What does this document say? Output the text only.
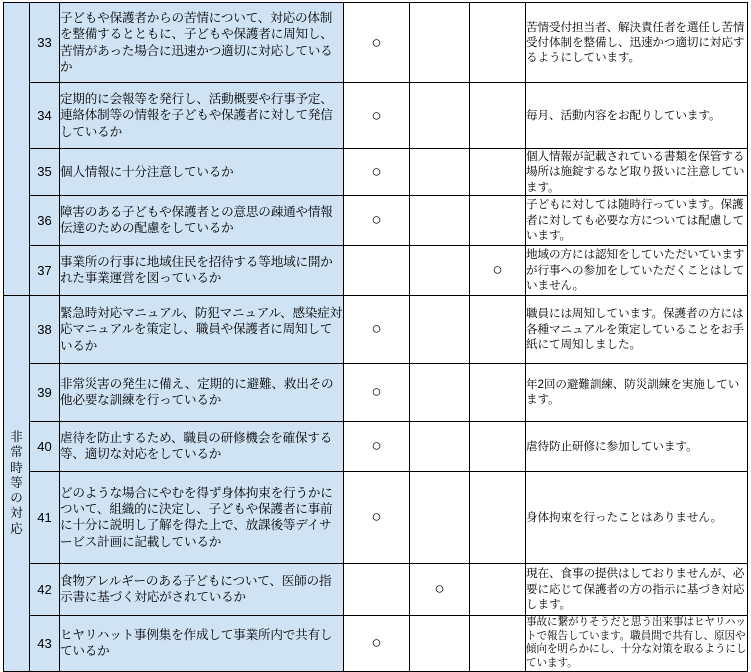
	33	子どもや保護者からの苦情について、対応の体制を整備するとともに、子どもや保護者に周知し、苦情があった場合に迅速かつ適切に対応しているか	○			苦情受付担当者、解決責任者を選任し苦情受付体制を整備し、迅速かつ適切に対応するようにしています。
	34	定期的に会報等を発行し、活動概要や行事予定、連絡体制等の情報を子どもや保護者に対して発信しているか	○			毎月、活動内容をお配りしています。
	35	個人情報に十分注意しているか	○			個人情報が記載されている書類を保管する場所は施錠するなど取り扱いに注意しています。
	36	障害のある子どもや保護者との意思の疎通や情報伝達のための配慮をしているか	○			子どもに対しては随時行っています。保護者に対しても必要な方については配慮しています。
	37	事業所の行事に地域住民を招待する等地域に開かれた事業運営を図っているか			○	地域の方には認知をしていただいていますが行事への参加をしていただくことはしていません。

非常時等の対応	38	緊急時対応マニュアル、防犯マニュアル、感染症対応マニュアルを策定し、職員や保護者に周知しているか	○			職員には周知しています。保護者の方には各種マニュアルを策定していることをお手紙にて周知しました。
	39	非常災害の発生に備え、定期的に避難、救出その他必要な訓練を行っているか	○			年2回の避難訓練、防災訓練を実施しています。
	40	虐待を防止するため、職員の研修機会を確保する等、適切な対応をしているか	○			虐待防止研修に参加しています。
	41	どのような場合にやむを得ず身体拘束を行うかについて、組織的に決定し、子どもや保護者に事前に十分に説明し了解を得た上で、放課後等デイサービス計画に記載しているか	○			身体拘束を行ったことはありません。
	42	食物アレルギーのある子どもについて、医師の指示書に基づく対応がされているか		○		現在、食事の提供はしておりませんが、必要に応じて保護者の方の指示に基づき対応します。
	43	ヒヤリハット事例集を作成して事業所内で共有しているか	○			事故に繋がりそうだと思う出来事はヒヤリハットで報告しています。職員間で共有し、原因や傾向を明らかにし、十分な対策を取るようにしています。
